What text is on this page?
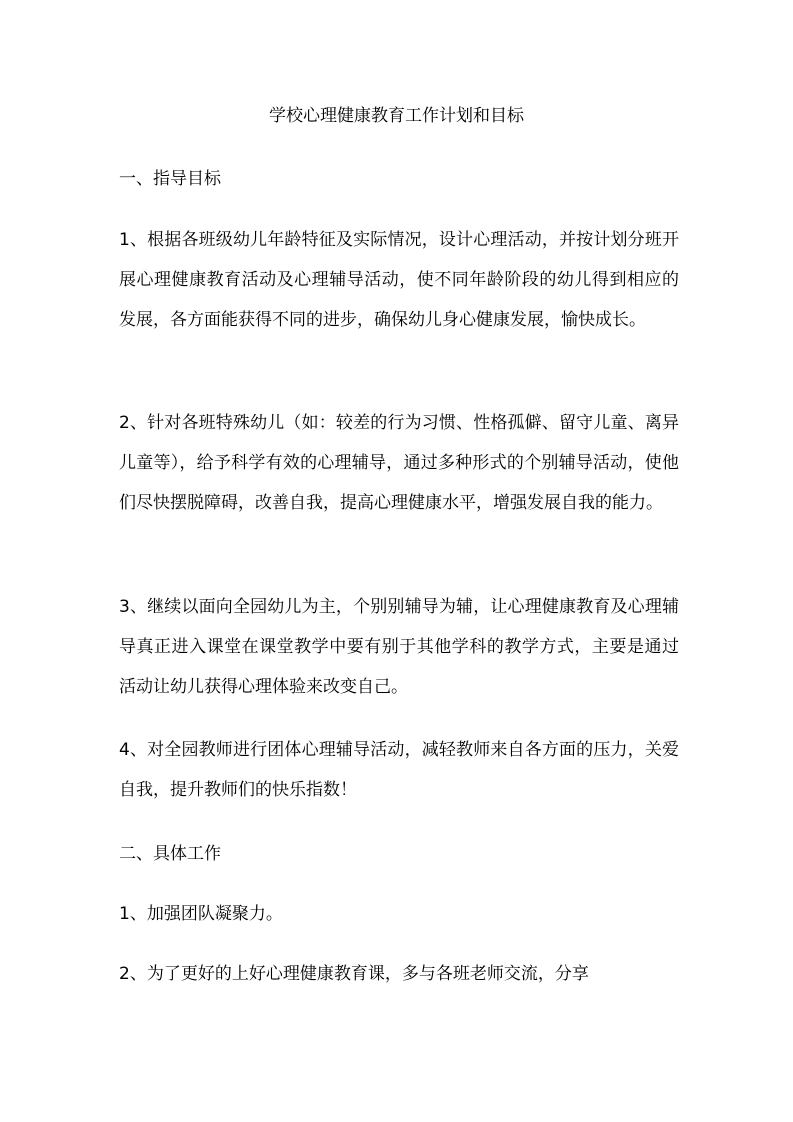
学校心理健康教育工作计划和目标
一、指导目标
1、根据各班级幼儿年龄特征及实际情况，设计心理活动，并按计划分班开展心理健康教育活动及心理辅导活动，使不同年龄阶段的幼儿得到相应的发展，各方面能获得不同的进步，确保幼儿身心健康发展，愉快成长。
2、针对各班特殊幼儿（如：较差的行为习惯、性格孤僻、留守儿童、离异儿童等），给予科学有效的心理辅导，通过多种形式的个别辅导活动，使他们尽快摆脱障碍，改善自我，提高心理健康水平，增强发展自我的能力。
3、继续以面向全园幼儿为主，个别别辅导为辅，让心理健康教育及心理辅导真正进入课堂在课堂教学中要有别于其他学科的教学方式，主要是通过活动让幼儿获得心理体验来改变自己。
4、对全园教师进行团体心理辅导活动，减轻教师来自各方面的压力，关爱自我，提升教师们的快乐指数！
二、具体工作
1、加强团队凝聚力。
2、为了更好的上好心理健康教育课，多与各班老师交流，分享
